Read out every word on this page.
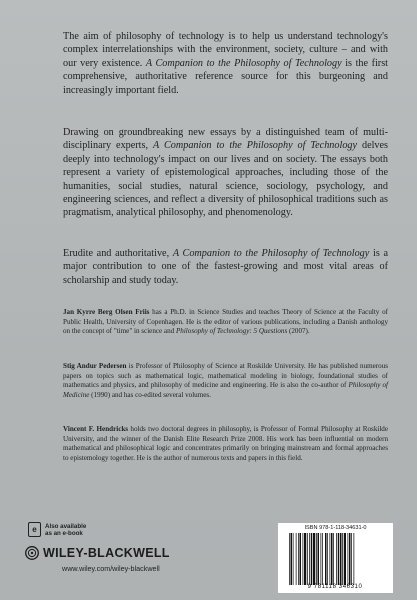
The aim of philosophy of technology is to help us understand technology's complex interrelationships with the environment, society, culture – and with our very existence. A Companion to the Philosophy of Technology is the first comprehensive, authoritative reference source for this burgeoning and increasingly important field.

Drawing on groundbreaking new essays by a distinguished team of multi-disciplinary experts, A Companion to the Philosophy of Technology delves deeply into technology's impact on our lives and on society. The essays both represent a variety of epistemological approaches, including those of the humanities, social studies, natural science, sociology, psychology, and engineering sciences, and reflect a diversity of philosophical traditions such as pragmatism, analytical philosophy, and phenomenology.

Erudite and authoritative, A Companion to the Philosophy of Technology is a major contribution to one of the fastest-growing and most vital areas of scholarship and study today.

Jan Kyrre Berg Olsen Friis has a Ph.D. in Science Studies and teaches Theory of Science at the Faculty of Public Health, University of Copenhagen. He is the editor of various publications, including a Danish anthology on the concept of "time" in science and Philosophy of Technology: 5 Questions (2007).

Stig Andur Pedersen is Professor of Philosophy of Science at Roskilde University. He has published numerous papers on topics such as mathematical logic, mathematical modeling in biology, foundational studies of mathematics and physics, and philosophy of medicine and engineering. He is also the co-author of Philosophy of Medicine (1990) and has co-edited several volumes.

Vincent F. Hendricks holds two doctoral degrees in philosophy, is Professor of Formal Philosophy at Roskilde University, and the winner of the Danish Elite Research Prize 2008. His work has been influential on modern mathematical and philosophical logic and concentrates primarily on bringing mainstream and formal approaches to epistemology together. He is the author of numerous texts and papers in this field.

e	Also available
as an e-book
WILEY-BLACKWELL
www.wiley.com/wiley-blackwell
ISBN 978-1-118-34631-0
9 781118 346310
